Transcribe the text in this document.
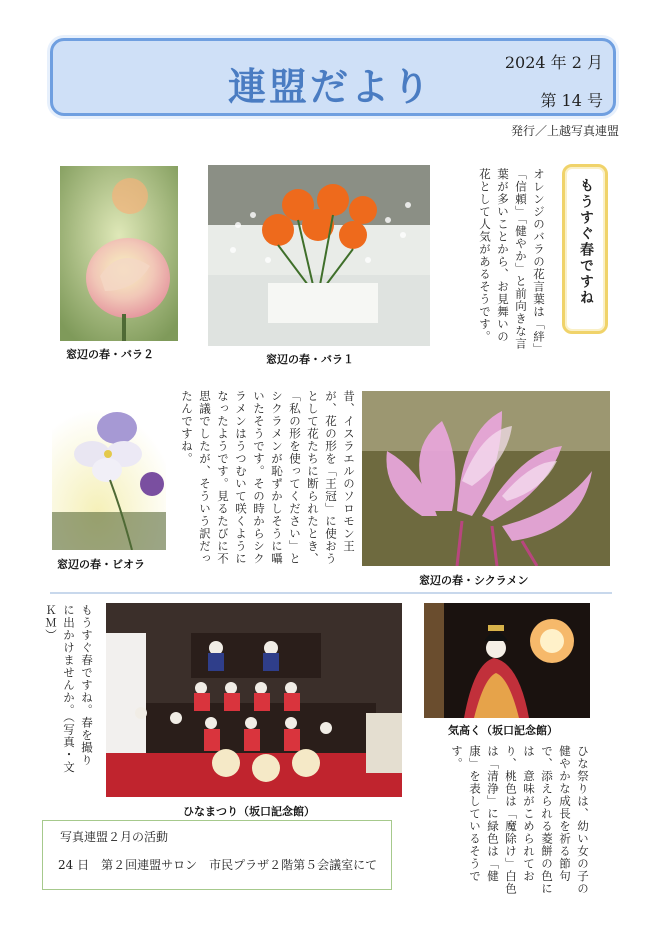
連盟だより
2024 年 2 月
第 14 号
発行／上越写真連盟
窓辺の春・バラ２	窓辺の春・バラ１
オレンジのバラの花言葉は「絆」「信頼」「健やか」と前向きな言葉が多いことから、お見舞いの花として人気があるそうです。	もうすぐ春ですね
窓辺の春・ビオラ
昔、イスラエルのソロモン王が、花の形を「王冠」に使おうとして花たちに断られたとき、「私の形を使ってください」とシクラメンが恥ずかしそうに囁いたそうです。その時からシクラメンはうつむいて咲くようになったようです。見るたびに不思議でしたが、そういう訳だったんですね。
窓辺の春・シクラメン
もうすぐ春ですね。春を撮りに出かけませんか。（写真・文 ＫＭ）
ひなまつり（坂口記念館）
気高く（坂口記念館）
ひな祭りは、幼い女の子の健やかな成長を祈る節句で、添えられる菱餅の色には　意味がこめられており、桃色は「魔除け」白色は「清浄」に緑色は「健康」を表しているそうです。
写真連盟２月の活動
24 日　第２回連盟サロン　市民プラザ２階第５会議室にて
